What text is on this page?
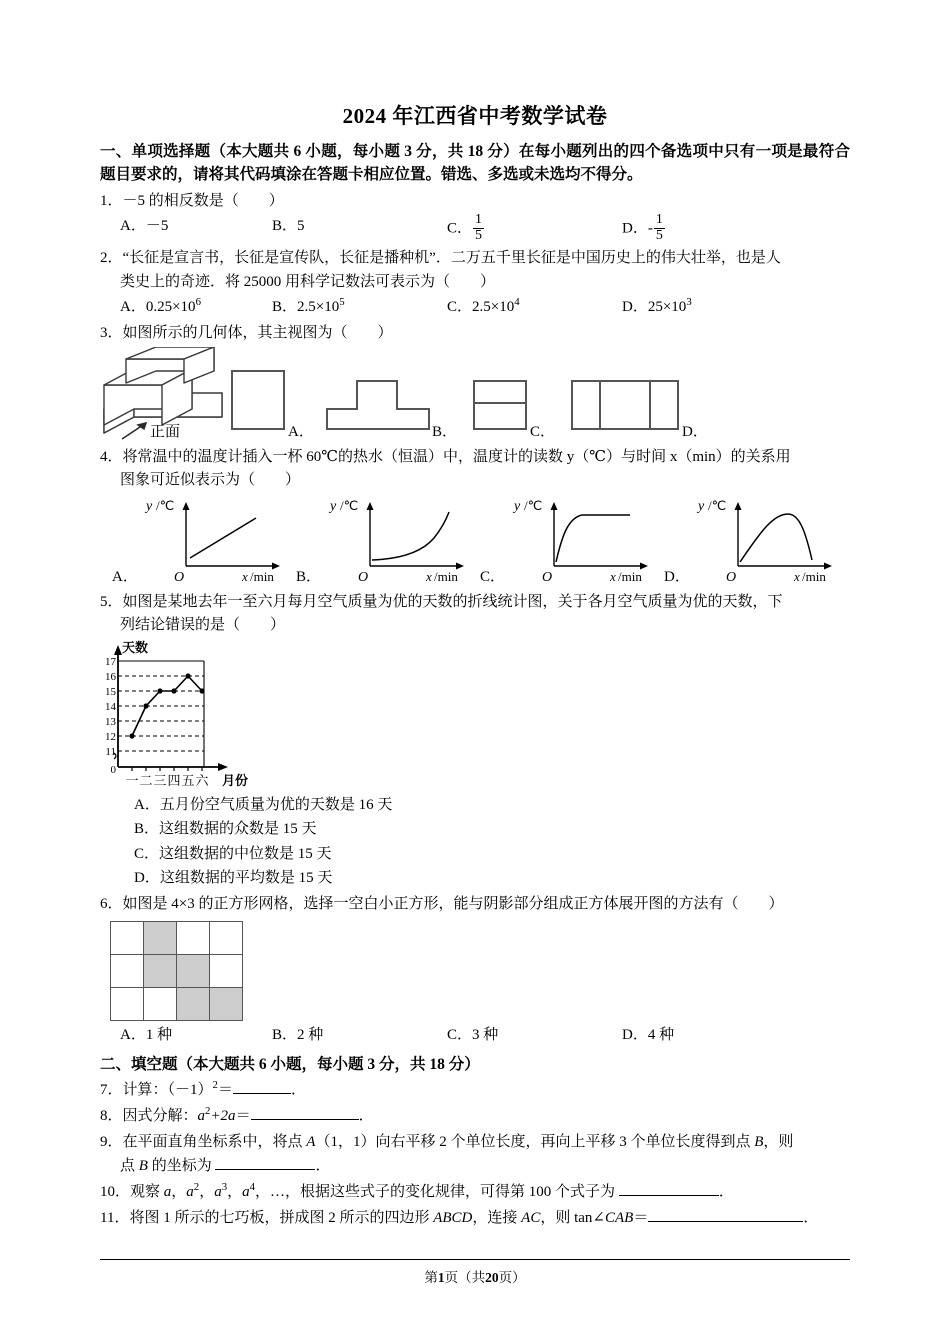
2024 年江西省中考数学试卷
一、单项选择题（本大题共 6 小题，每小题 3 分，共 18 分）在每小题列出的四个备选项中只有一项是最符合题目要求的，请将其代码填涂在答题卡相应位置。错选、多选或未选均不得分。
1．－5 的相反数是（　　）
A．－5	B．5	C． $\frac{1}{5}$	D．- $\frac{1}{5}$
2．“长征是宣言书，长征是宣传队，长征是播种机”．二万五千里长征是中国历史上的伟大壮举，也是人
类史上的奇迹．将 25000 用科学记数法可表示为（　　）
A．$0.25\times 10^6$	B．$2.5\times 10^5$	C．$2.5\times 10^4$	D．$25\times 10^3$
3．如图所示的几何体，其主视图为（　　）
正面	A．	B．	C．	D．
4．将常温中的温度计插入一杯 60℃的热水（恒温）中，温度计的读数 y（℃）与时间 x（min）的关系用
图象可近似表示为（　　）
A．
y /℃
O	x /min B．
y /℃
O	x /min C．
y /℃
O	x /min D．
y /℃
O	x /min
5．如图是某地去年一至六月每月空气质量为优的天数的折线统计图，关于各月空气质量为优的天数，下
列结论错误的是（　　）
天数
17
16
15
14
13
12
11
0
一 二 三 四 五 六 月份
A．五月份空气质量为优的天数是 16 天
B．这组数据的众数是 15 天
C．这组数据的中位数是 15 天
D．这组数据的平均数是 15 天
6．如图是 4×3 的正方形网格，选择一空白小正方形，能与阴影部分组成正方体展开图的方法有（　　）

A．1 种	B．2 种	C．3 种	D．4 种
二、填空题（本大题共 6 小题，每小题 3 分，共 18 分）
7．计算：$(-1)^2=$	．
8．因式分解：$a^2+2a=$	．
9．在平面直角坐标系中，将点 A（1，1）向右平移 2 个单位长度，再向上平移 3 个单位长度得到点 B，则
点 B 的坐标为	．
10．观察 a，$a^2$，$a^3$，$a^4$，…，根据这些式子的变化规律，可得第 100 个式子为	．
11．将图 1 所示的七巧板，拼成图 2 所示的四边形 ABCD，连接 AC，则 tan∠CAB＝	．
第1页（共20页）
